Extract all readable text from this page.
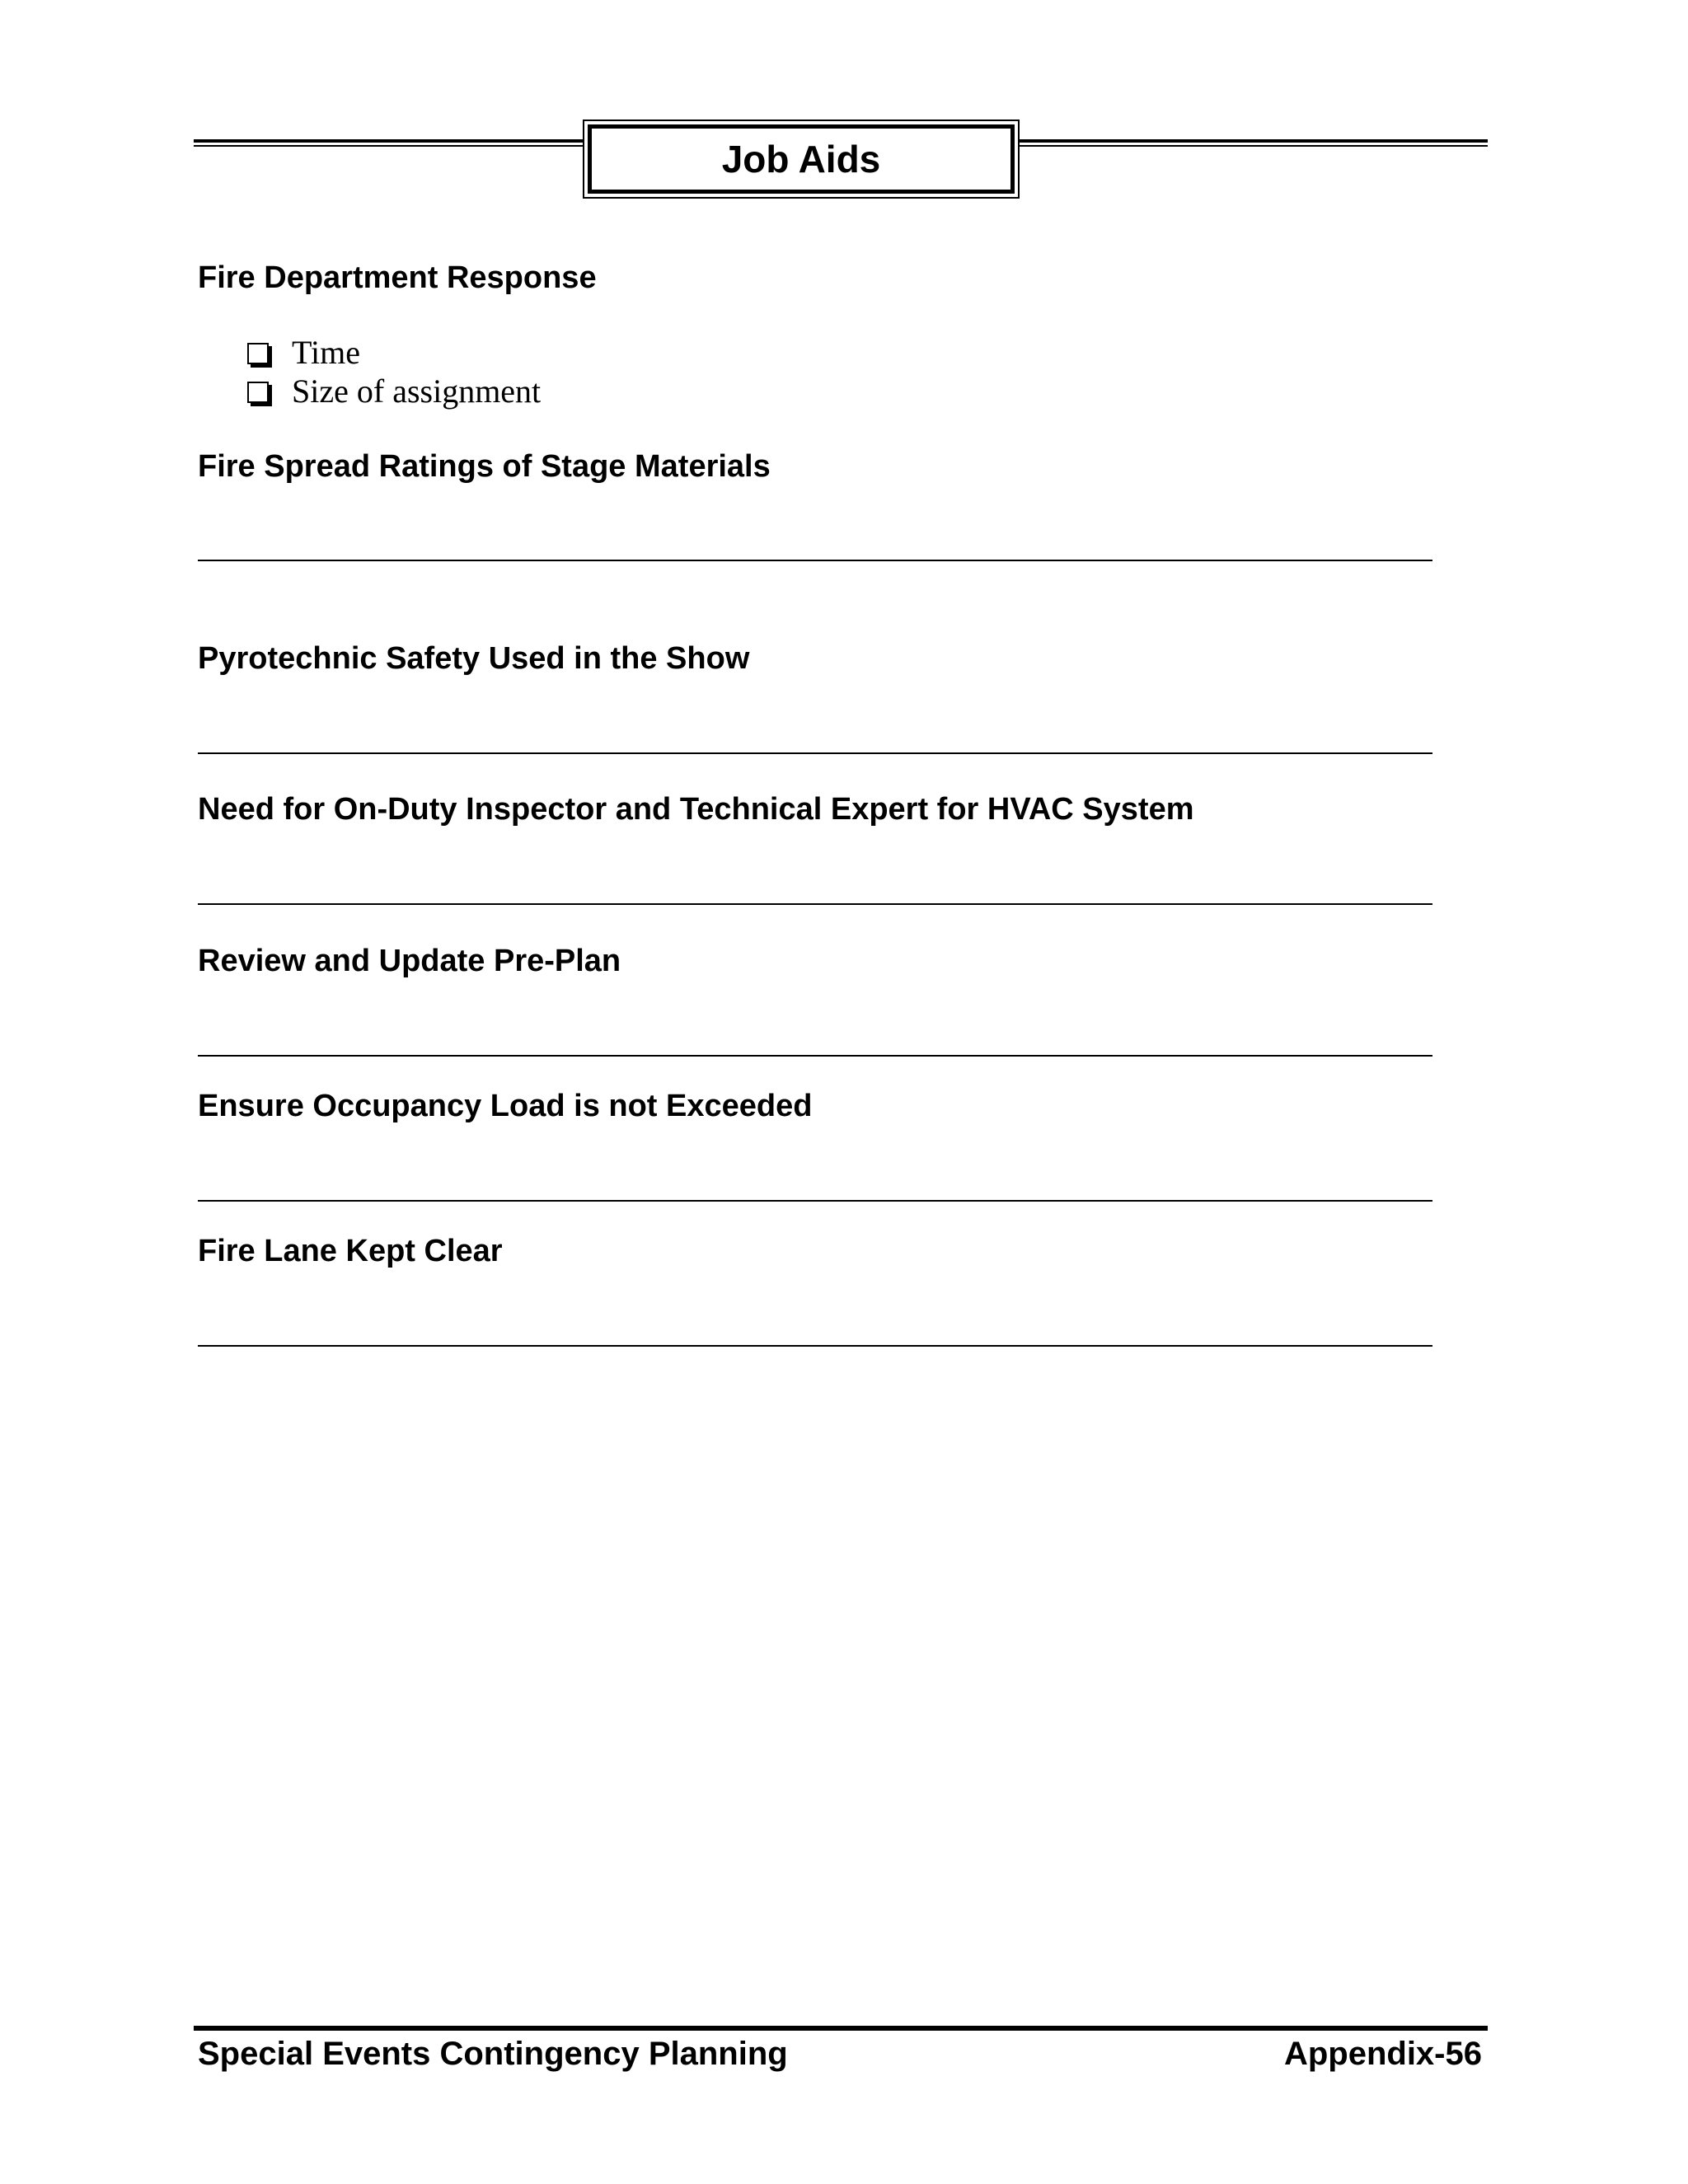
Job Aids
Fire Department Response
Time
Size of assignment
Fire Spread Ratings of Stage Materials
Pyrotechnic Safety Used in the Show
Need for On-Duty Inspector and Technical Expert for HVAC System
Review and Update Pre-Plan
Ensure Occupancy Load is not Exceeded
Fire Lane Kept Clear
Special Events Contingency Planning	Appendix-56
